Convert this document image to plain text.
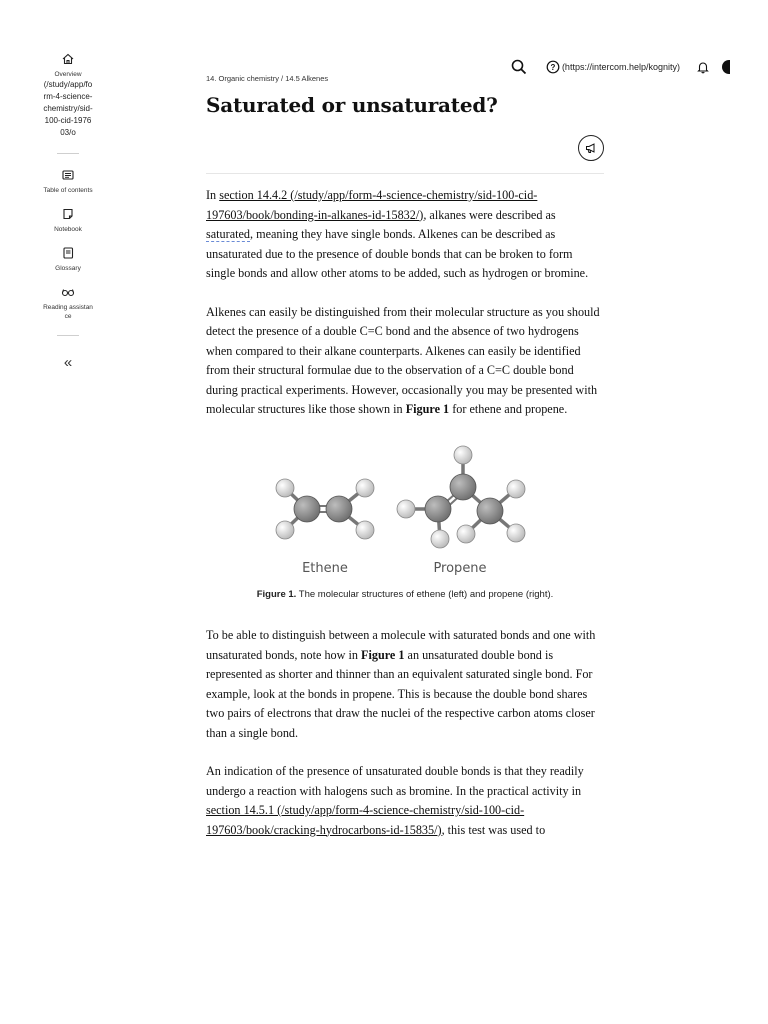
Overview
(/study/app/form-4-science-chemistry/sid-100-cid-197603/o
Table of contents
Notebook
Glossary
Reading assistance
«
? (https://intercom.help/kognity)
14. Organic chemistry / 14.5 Alkenes
Saturated or unsaturated?

In section 14.4.2 (/study/app/form-4-science-chemistry/sid-100-cid-197603/book/bonding-in-alkanes-id-15832/), alkanes were described as saturated, meaning they have single bonds. Alkenes can be described as unsaturated due to the presence of double bonds that can be broken to form single bonds and allow other atoms to be added, such as hydrogen or bromine.

Alkenes can easily be distinguished from their molecular structure as you should detect the presence of a double C=C bond and the absence of two hydrogens when compared to their alkane counterparts. Alkenes can easily be identified from their structural formulae due to the observation of a C=C double bond during practical experiments. However, occasionally you may be presented with molecular structures like those shown in Figure 1 for ethene and propene.

Ethene	Propene
Figure 1. The molecular structures of ethene (left) and propene (right).

To be able to distinguish between a molecule with saturated bonds and one with unsaturated bonds, note how in Figure 1 an unsaturated double bond is represented as shorter and thinner than an equivalent saturated single bond. For example, look at the bonds in propene. This is because the double bond shares two pairs of electrons that draw the nuclei of the respective carbon atoms closer than a single bond.

An indication of the presence of unsaturated double bonds is that they readily undergo a reaction with halogens such as bromine. In the practical activity in section 14.5.1 (/study/app/form-4-science-chemistry/sid-100-cid-197603/book/cracking-hydrocarbons-id-15835/), this test was used to
